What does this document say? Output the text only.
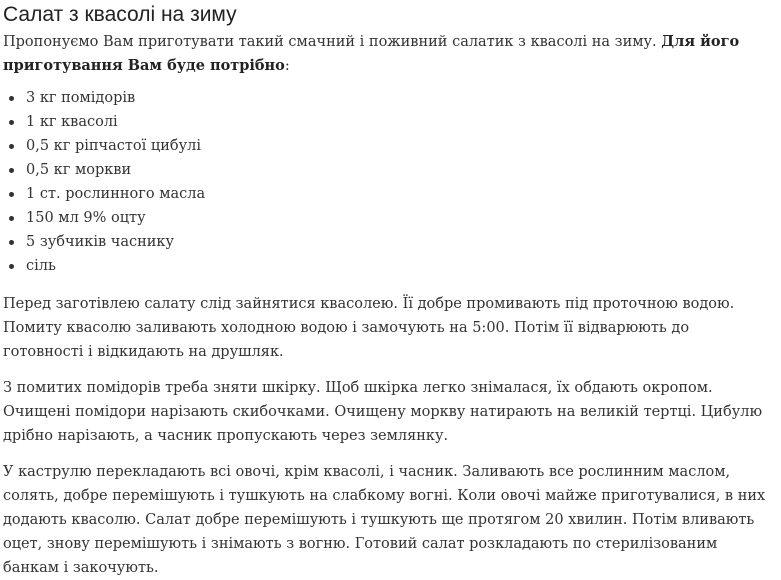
Салат з квасолі на зиму

Пропонуємо Вам приготувати такий смачний і поживний салатик з квасолі на зиму. Для його приготування Вам буде потрібно:

3 кг помідорів
1 кг квасолі
0,5 кг ріпчастої цибулі
0,5 кг моркви
1 ст. рослинного масла
150 мл 9% оцту
5 зубчиків часнику
сіль

Перед заготівлею салату слід зайнятися квасолею. Її добре промивають під проточною водою. Помиту квасолю заливають холодною водою і замочують на 5:00. Потім її відварюють до готовності і відкидають на друшляк.

З помитих помідорів треба зняти шкірку. Щоб шкірка легко знімалася, їх обдають окропом. Очищені помідори нарізають скибочками. Очищену моркву натирають на великій тертці. Цибулю дрібно нарізають, а часник пропускають через землянку.

У каструлю перекладають всі овочі, крім квасолі, і часник. Заливають все рослинним маслом, солять, добре перемішують і тушкують на слабкому вогні. Коли овочі майже приготувалися, в них додають квасолю. Салат добре перемішують і тушкують ще протягом 20 хвилин. Потім вливають оцет, знову перемішують і знімають з вогню. Готовий салат розкладають по стерилізованим банкам і закочують.
